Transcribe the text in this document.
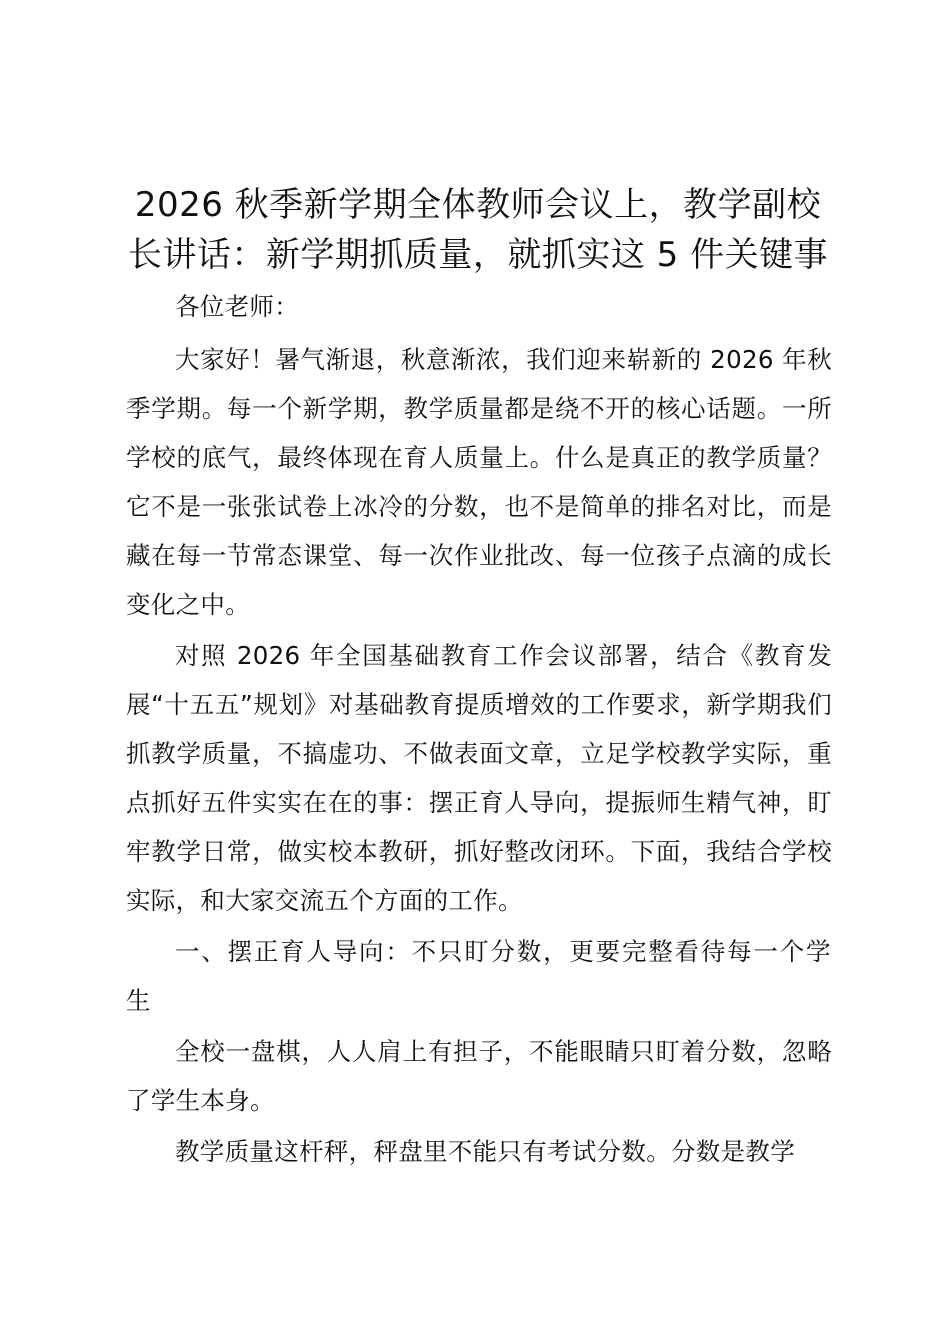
2026 秋季新学期全体教师会议上，教学副校长讲话：新学期抓质量，就抓实这 5 件关键事

各位老师：

大家好！暑气渐退，秋意渐浓，我们迎来崭新的 2026 年秋季学期。每一个新学期，教学质量都是绕不开的核心话题。一所学校的底气，最终体现在育人质量上。什么是真正的教学质量？它不是一张张试卷上冰冷的分数，也不是简单的排名对比，而是藏在每一节常态课堂、每一次作业批改、每一位孩子点滴的成长变化之中。

对照 2026 年全国基础教育工作会议部署，结合《教育发展“十五五”规划》对基础教育提质增效的工作要求，新学期我们抓教学质量，不搞虚功、不做表面文章，立足学校教学实际，重点抓好五件实实在在的事：摆正育人导向，提振师生精气神，盯牢教学日常，做实校本教研，抓好整改闭环。下面，我结合学校实际，和大家交流五个方面的工作。

一、摆正育人导向：不只盯分数，更要完整看待每一个学生

全校一盘棋，人人肩上有担子，不能眼睛只盯着分数，忽略了学生本身。

教学质量这杆秤，秤盘里不能只有考试分数。分数是教学
